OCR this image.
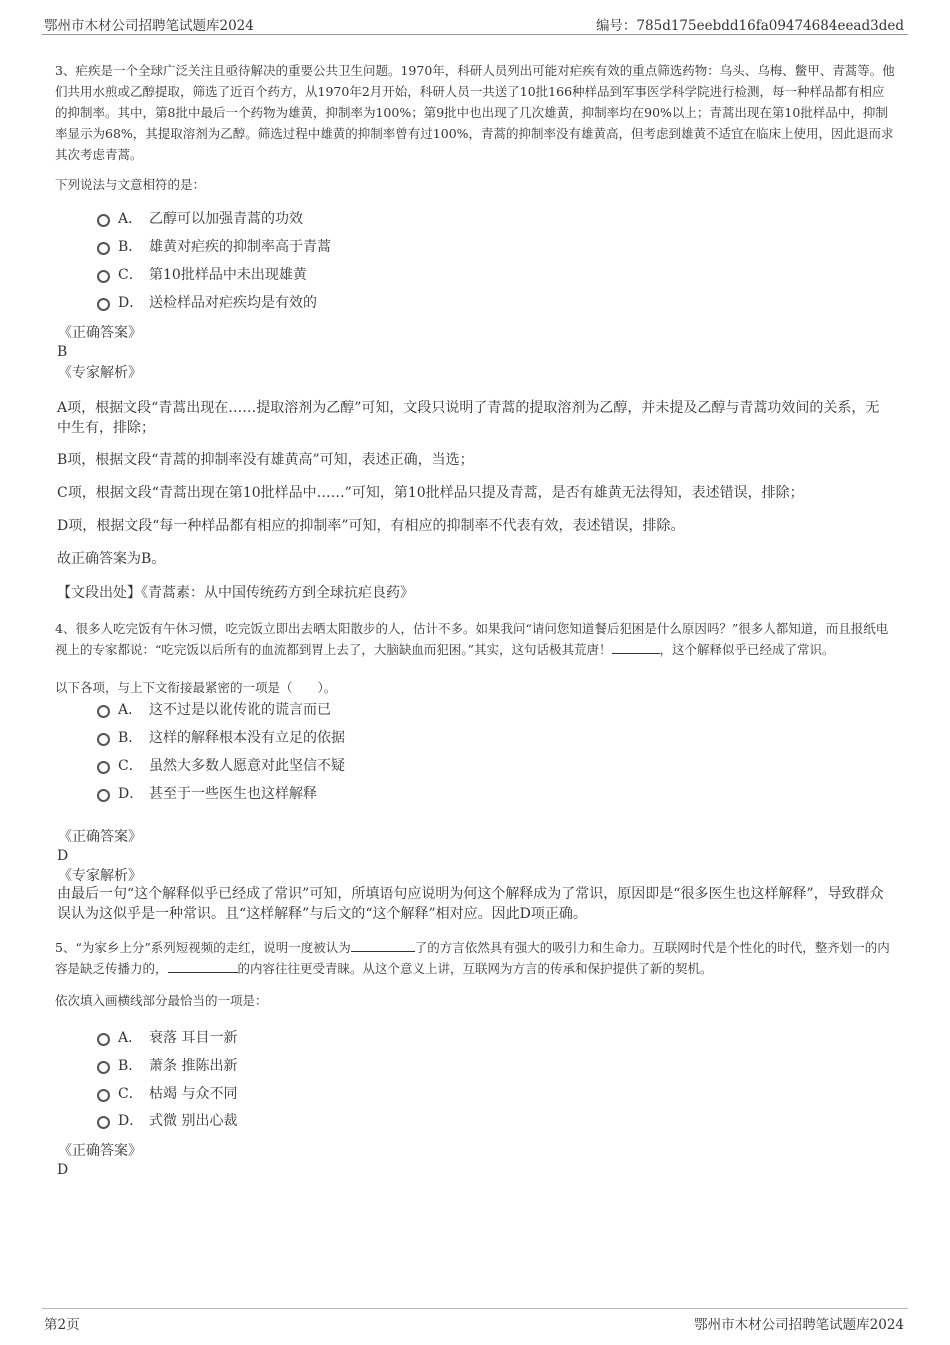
鄂州市木材公司招聘笔试题库2024	编号：785d175eebdd16fa09474684eead3ded
3、疟疾是一个全球广泛关注且亟待解决的重要公共卫生问题。1970年，科研人员列出可能对疟疾有效的重点筛选药物：乌头、乌梅、鳖甲、青蒿等。他们共用水煎或乙醇提取，筛选了近百个药方，从1970年2月开始，科研人员一共送了10批166种样品到军事医学科学院进行检测，每一种样品都有相应的抑制率。其中，第8批中最后一个药物为雄黄，抑制率为100%；第9批中也出现了几次雄黄，抑制率均在90%以上；青蒿出现在第10批样品中，抑制率显示为68%，其提取溶剂为乙醇。筛选过程中雄黄的抑制率曾有过100%，青蒿的抑制率没有雄黄高，但考虑到雄黄不适宜在临床上使用，因此退而求其次考虑青蒿。
下列说法与文意相符的是：
A． 乙醇可以加强青蒿的功效
B． 雄黄对疟疾的抑制率高于青蒿
C． 第10批样品中未出现雄黄
D． 送检样品对疟疾均是有效的
《正确答案》
B
《专家解析》
A项，根据文段“青蒿出现在……提取溶剂为乙醇”可知，文段只说明了青蒿的提取溶剂为乙醇，并未提及乙醇与青蒿功效间的关系，无中生有，排除；
B项，根据文段“青蒿的抑制率没有雄黄高”可知，表述正确，当选；
C项，根据文段“青蒿出现在第10批样品中……”可知，第10批样品只提及青蒿，是否有雄黄无法得知，表述错误，排除；
D项，根据文段“每一种样品都有相应的抑制率”可知，有相应的抑制率不代表有效，表述错误，排除。
故正确答案为B。
【文段出处】《青蒿素：从中国传统药方到全球抗疟良药》
4、很多人吃完饭有午休习惯，吃完饭立即出去晒太阳散步的人，估计不多。如果我问“请问您知道餐后犯困是什么原因吗？”很多人都知道，而且报纸电视上的专家都说：“吃完饭以后所有的血流都到胃上去了，大脑缺血而犯困。”其实，这句话极其荒唐！	，这个解释似乎已经成了常识。
以下各项，与上下文衔接最紧密的一项是（　　）。
A． 这不过是以讹传讹的谎言而已
B． 这样的解释根本没有立足的依据
C． 虽然大多数人愿意对此坚信不疑
D． 甚至于一些医生也这样解释
《正确答案》
D
《专家解析》
由最后一句“这个解释似乎已经成了常识”可知，所填语句应说明为何这个解释成为了常识，原因即是“很多医生也这样解释”，导致群众误认为这似乎是一种常识。且“这样解释”与后文的“这个解释”相对应。因此D项正确。
5、“为家乡上分”系列短视频的走红，说明一度被认为	了的方言依然具有强大的吸引力和生命力。互联网时代是个性化的时代，整齐划一的内容是缺乏传播力的，	的内容往往更受青睐。从这个意义上讲，互联网为方言的传承和保护提供了新的契机。
依次填入画横线部分最恰当的一项是：
A． 衰落 耳目一新
B． 萧条 推陈出新
C． 枯竭 与众不同
D． 式微 别出心裁
《正确答案》
D
第2页	鄂州市木材公司招聘笔试题库2024
